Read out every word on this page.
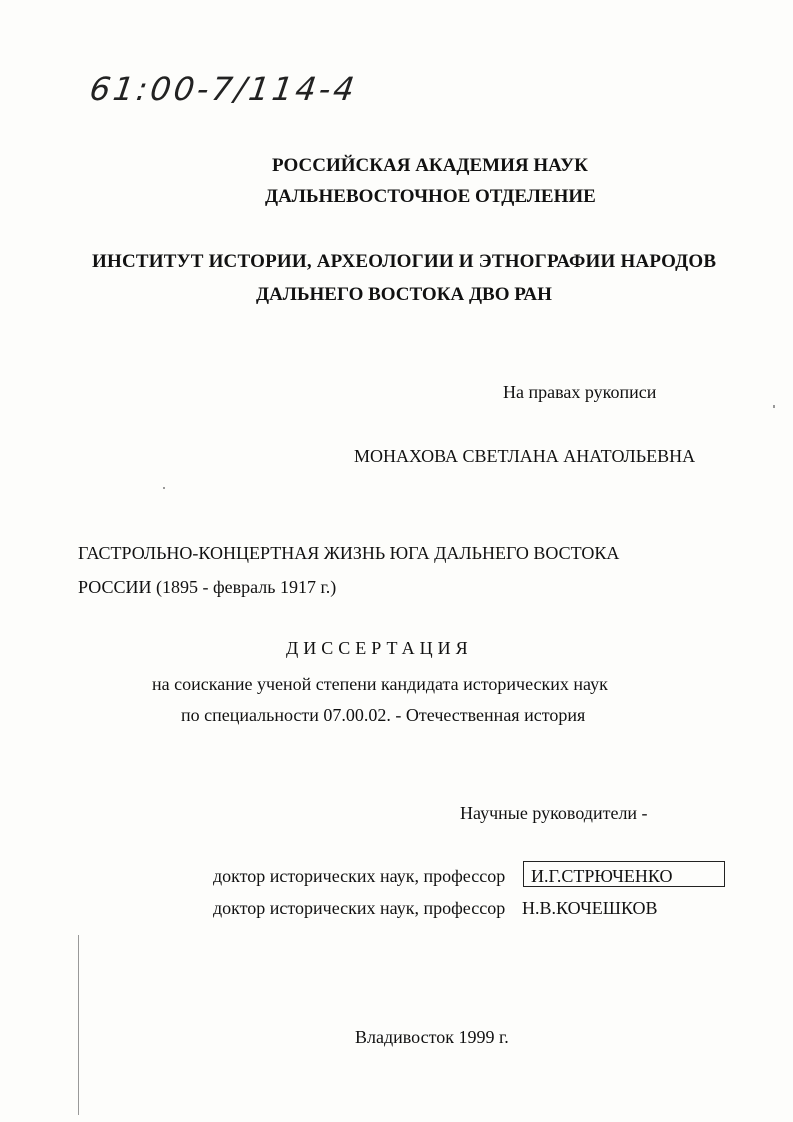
61:00-7/114-4
РОССИЙСКАЯ АКАДЕМИЯ НАУК
ДАЛЬНЕВОСТОЧНОЕ ОТДЕЛЕНИЕ
ИНСТИТУТ ИСТОРИИ, АРХЕОЛОГИИ И ЭТНОГРАФИИ НАРОДОВ
ДАЛЬНЕГО ВОСТОКА ДВО РАН
На правах рукописи
МОНАХОВА СВЕТЛАНА АНАТОЛЬЕВНА
ГАСТРОЛЬНО-КОНЦЕРТНАЯ ЖИЗНЬ ЮГА ДАЛЬНЕГО ВОСТОКА
РОССИИ (1895 - февраль 1917 г.)
ДИССЕРТАЦИЯ
на соискание ученой степени кандидата исторических наук
по специальности 07.00.02. - Отечественная история
Научные руководители -
доктор исторических наук, профессор И.Г.СТРЮЧЕНКО
доктор исторических наук, профессор Н.В.КОЧЕШКОВ
Владивосток 1999 г.
